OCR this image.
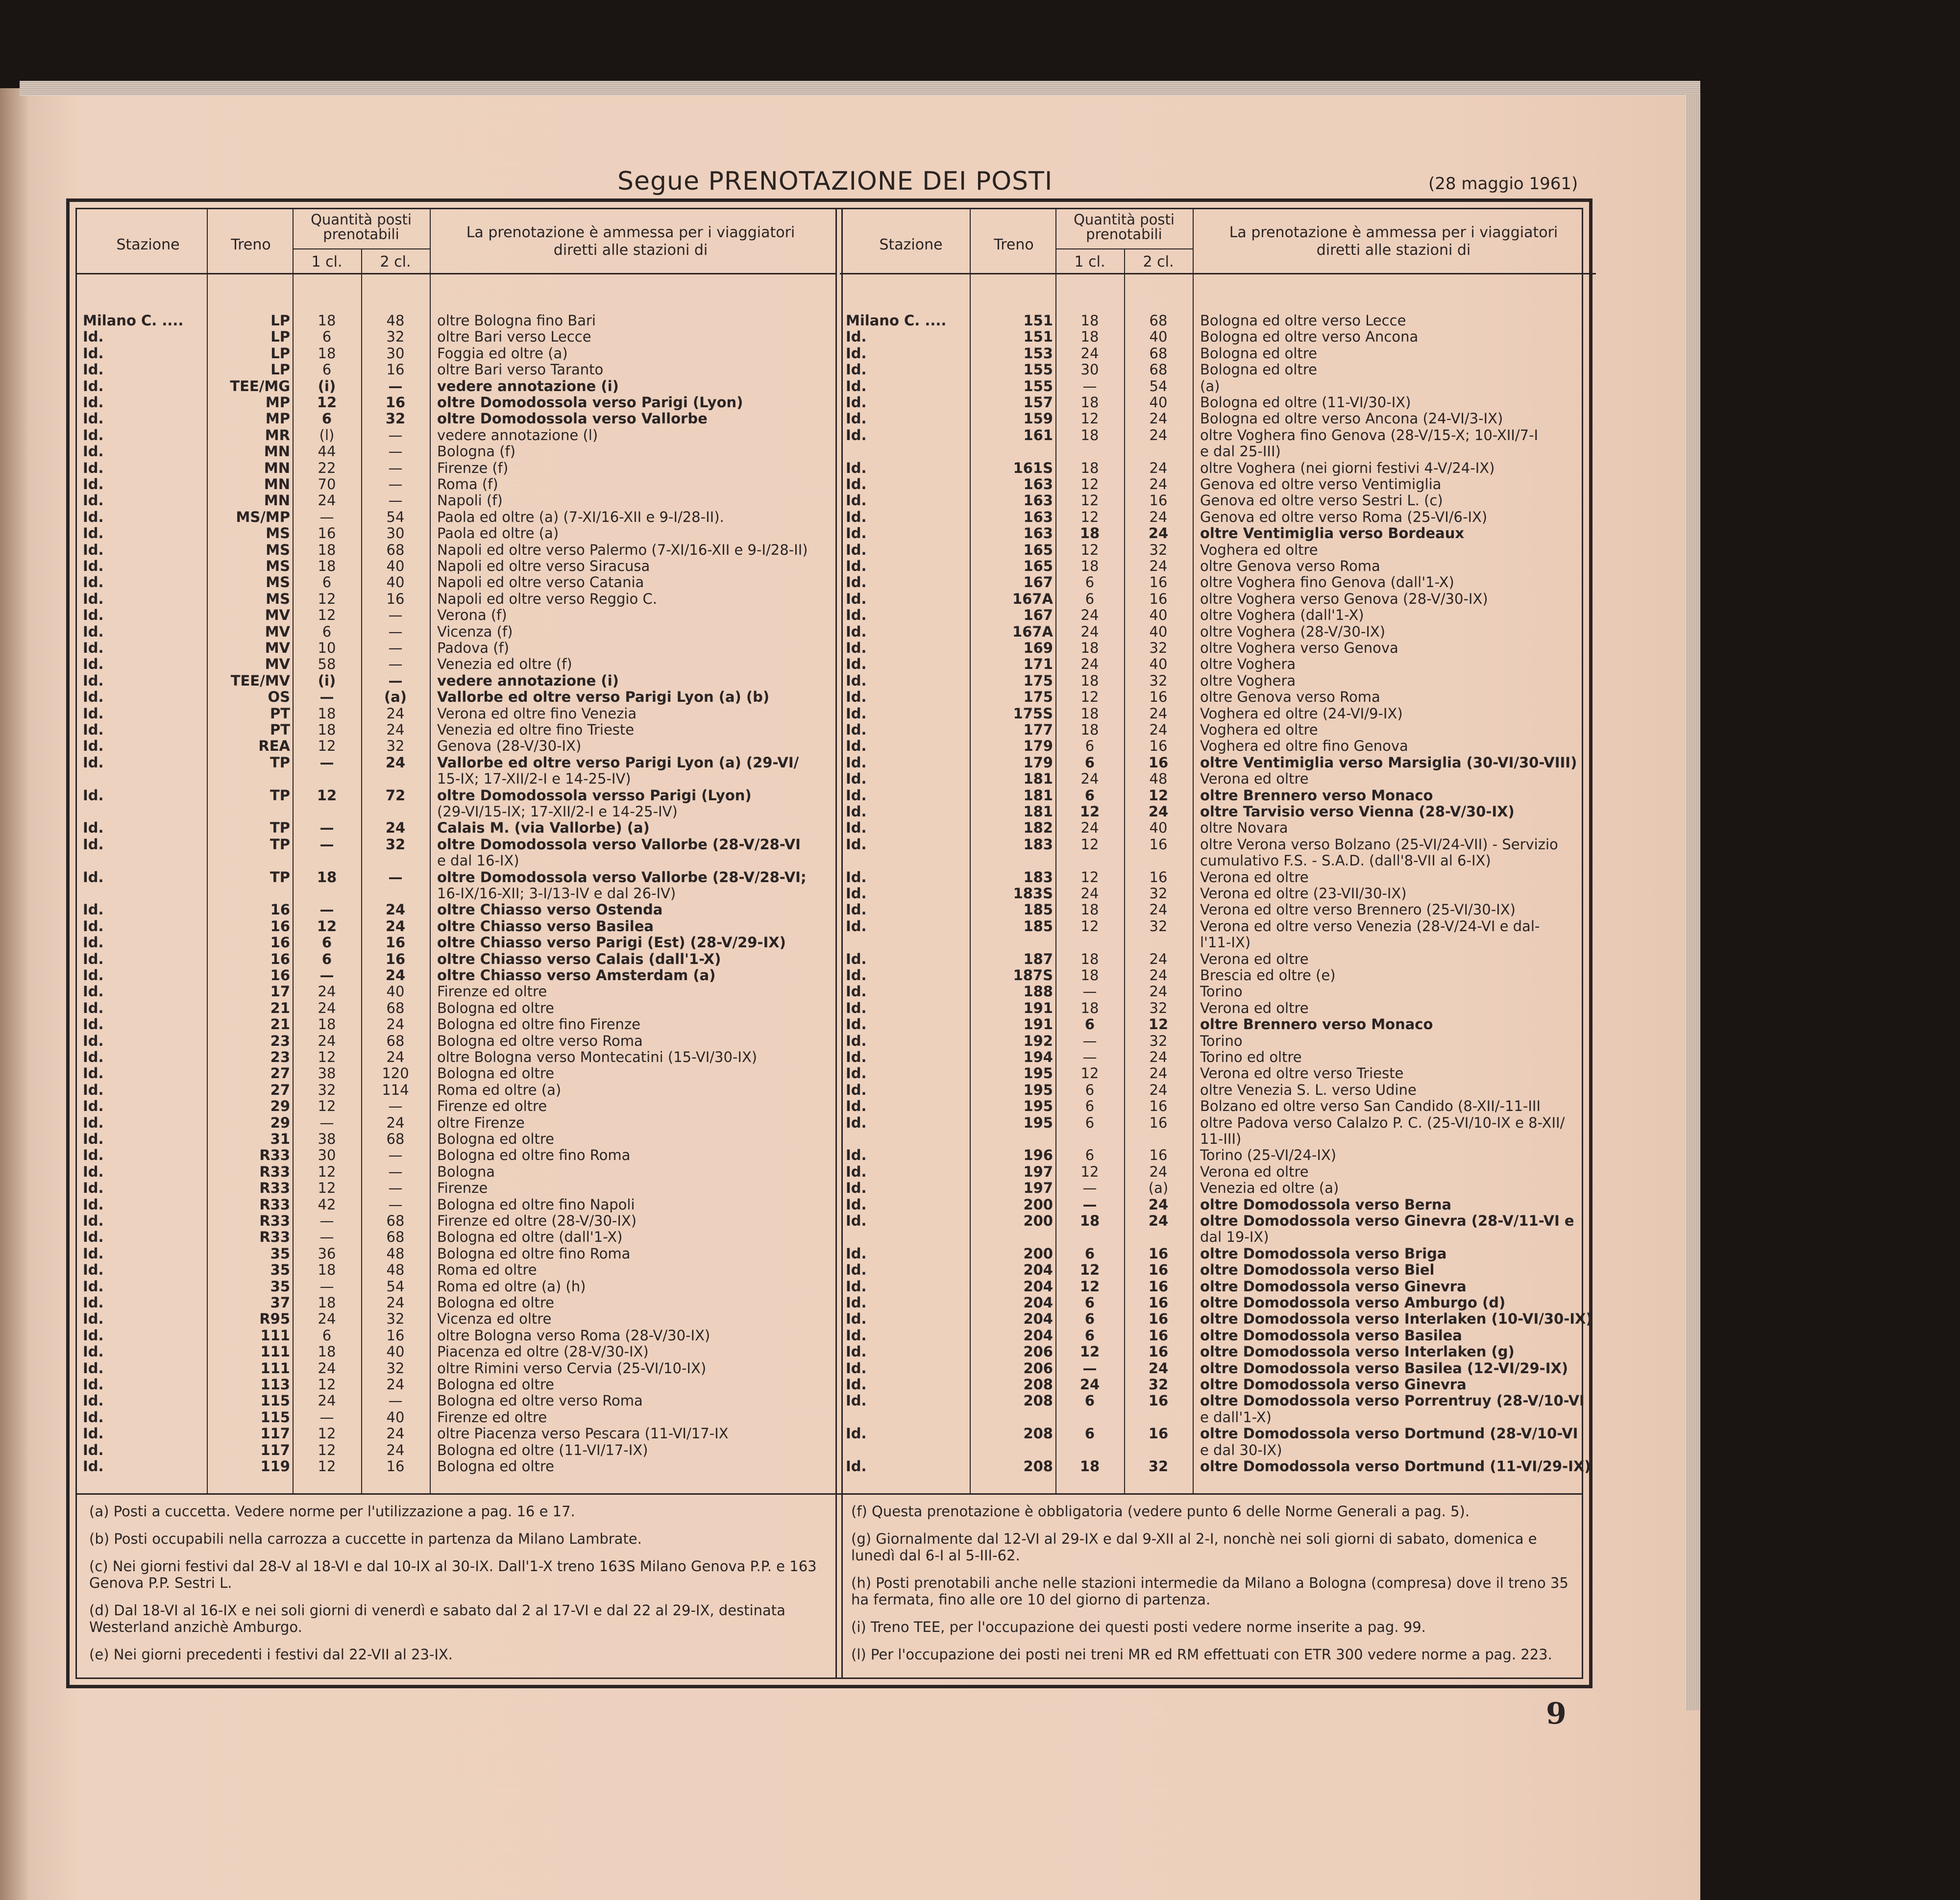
Segue PRENOTAZIONE DEI POSTI	(28 maggio 1961)
Stazione	Treno
Quantità posti prenotabili
1 cl.	2 cl.
La prenotazione è ammessa per i viaggiatori diretti alle stazioni di
Milano C. ....	LP	18	48	oltre Bologna fino Bari
Id.	LP	6	32	oltre Bari verso Lecce
Id.	LP	18	30	Foggia ed oltre (a)
Id.	LP	6	16	oltre Bari verso Taranto
Id.	TEE/MG	(i)	—	vedere annotazione (i)
Id.	MP	12	16	oltre Domodossola verso Parigi (Lyon)
Id.	MP	6	32	oltre Domodossola verso Vallorbe
Id.	MR	(l)	—	vedere annotazione (l)
Id.	MN	44	—	Bologna (f)
Id.	MN	22	—	Firenze (f)
Id.	MN	70	—	Roma (f)
Id.	MN	24	—	Napoli (f)
Id.	MS/MP	—	54	Paola ed oltre (a) (7-XI/16-XII e 9-I/28-II).
Id.	MS	16	30	Paola ed oltre (a)
Id.	MS	18	68	Napoli ed oltre verso Palermo (7-XI/16-XII e 9-I/28-II)
Id.	MS	18	40	Napoli ed oltre verso Siracusa
Id.	MS	6	40	Napoli ed oltre verso Catania
Id.	MS	12	16	Napoli ed oltre verso Reggio C.
Id.	MV	12	—	Verona (f)
Id.	MV	6	—	Vicenza (f)
Id.	MV	10	—	Padova (f)
Id.	MV	58	—	Venezia ed oltre (f)
Id.	TEE/MV	(i)	—	vedere annotazione (i)
Id.	OS	—	(a)	Vallorbe ed oltre verso Parigi Lyon (a) (b)
Id.	PT	18	24	Verona ed oltre fino Venezia
Id.	PT	18	24	Venezia ed oltre fino Trieste
Id.	REA	12	32	Genova (28-V/30-IX)
Id.	TP	—	24	Vallorbe ed oltre verso Parigi Lyon (a) (29-VI/
15-IX; 17-XII/2-I e 14-25-IV)
Id.	TP	12	72	oltre Domodossola versso Parigi (Lyon)
(29-VI/15-IX; 17-XII/2-I e 14-25-IV)
Id.	TP	—	24	Calais M. (via Vallorbe) (a)
Id.	TP	—	32	oltre Domodossola verso Vallorbe (28-V/28-VI
e dal 16-IX)
Id.	TP	18	—	oltre Domodossola verso Vallorbe (28-V/28-VI;
16-IX/16-XII; 3-I/13-IV e dal 26-IV)
Id.	16	—	24	oltre Chiasso verso Ostenda
Id.	16	12	24	oltre Chiasso verso Basilea
Id.	16	6	16	oltre Chiasso verso Parigi (Est) (28-V/29-IX)
Id.	16	6	16	oltre Chiasso verso Calais (dall'1-X)
Id.	16	—	24	oltre Chiasso verso Amsterdam (a)
Id.	17	24	40	Firenze ed oltre
Id.	21	24	68	Bologna ed oltre
Id.	21	18	24	Bologna ed oltre fino Firenze
Id.	23	24	68	Bologna ed oltre verso Roma
Id.	23	12	24	oltre Bologna verso Montecatini (15-VI/30-IX)
Id.	27	38	120	Bologna ed oltre
Id.	27	32	114	Roma ed oltre (a)
Id.	29	12	—	Firenze ed oltre
Id.	29	—	24	oltre Firenze
Id.	31	38	68	Bologna ed oltre
Id.	R33	30	—	Bologna ed oltre fino Roma
Id.	R33	12	—	Bologna
Id.	R33	12	—	Firenze
Id.	R33	42	—	Bologna ed oltre fino Napoli
Id.	R33	—	68	Firenze ed oltre (28-V/30-IX)
Id.	R33	—	68	Bologna ed oltre (dall'1-X)
Id.	35	36	48	Bologna ed oltre fino Roma
Id.	35	18	48	Roma ed oltre
Id.	35	—	54	Roma ed oltre (a) (h)
Id.	37	18	24	Bologna ed oltre
Id.	R95	24	32	Vicenza ed oltre
Id.	111	6	16	oltre Bologna verso Roma (28-V/30-IX)
Id.	111	18	40	Piacenza ed oltre (28-V/30-IX)
Id.	111	24	32	oltre Rimini verso Cervia (25-VI/10-IX)
Id.	113	12	24	Bologna ed oltre
Id.	115	24	—	Bologna ed oltre verso Roma
Id.	115	—	40	Firenze ed oltre
Id.	117	12	24	oltre Piacenza verso Pescara (11-VI/17-IX
Id.	117	12	24	Bologna ed oltre (11-VI/17-IX)
Id.	119	12	16	Bologna ed oltre
Stazione	Treno
Quantità posti prenotabili
1 cl.	2 cl.
La prenotazione è ammessa per i viaggiatori diretti alle stazioni di
Milano C. ....	151	18	68	Bologna ed oltre verso Lecce
Id.	151	18	40	Bologna ed oltre verso Ancona
Id.	153	24	68	Bologna ed oltre
Id.	155	30	68	Bologna ed oltre
Id.	155	—	54	(a)
Id.	157	18	40	Bologna ed oltre (11-VI/30-IX)
Id.	159	12	24	Bologna ed oltre verso Ancona (24-VI/3-IX)
Id.	161	18	24	oltre Voghera fino Genova (28-V/15-X; 10-XII/7-I
e dal 25-III)
Id.	161S	18	24	oltre Voghera (nei giorni festivi 4-V/24-IX)
Id.	163	12	24	Genova ed oltre verso Ventimiglia
Id.	163	12	16	Genova ed oltre verso Sestri L. (c)
Id.	163	12	24	Genova ed oltre verso Roma (25-VI/6-IX)
Id.	163	18	24	oltre Ventimiglia verso Bordeaux
Id.	165	12	32	Voghera ed oltre
Id.	165	18	24	oltre Genova verso Roma
Id.	167	6	16	oltre Voghera fino Genova (dall'1-X)
Id.	167A	6	16	oltre Voghera verso Genova (28-V/30-IX)
Id.	167	24	40	oltre Voghera (dall'1-X)
Id.	167A	24	40	oltre Voghera (28-V/30-IX)
Id.	169	18	32	oltre Voghera verso Genova
Id.	171	24	40	oltre Voghera
Id.	175	18	32	oltre Voghera
Id.	175	12	16	oltre Genova verso Roma
Id.	175S	18	24	Voghera ed oltre (24-VI/9-IX)
Id.	177	18	24	Voghera ed oltre
Id.	179	6	16	Voghera ed oltre fino Genova
Id.	179	6	16	oltre Ventimiglia verso Marsiglia (30-VI/30-VIII)
Id.	181	24	48	Verona ed oltre
Id.	181	6	12	oltre Brennero verso Monaco
Id.	181	12	24	oltre Tarvisio verso Vienna (28-V/30-IX)
Id.	182	24	40	oltre Novara
Id.	183	12	16	oltre Verona verso Bolzano (25-VI/24-VII) - Servizio
cumulativo F.S. - S.A.D. (dall'8-VII al 6-IX)
Id.	183	12	16	Verona ed oltre
Id.	183S	24	32	Verona ed oltre (23-VII/30-IX)
Id.	185	18	24	Verona ed oltre verso Brennero (25-VI/30-IX)
Id.	185	12	32	Verona ed oltre verso Venezia (28-V/24-VI e dal-
l'11-IX)
Id.	187	18	24	Verona ed oltre
Id.	187S	18	24	Brescia ed oltre (e)
Id.	188	—	24	Torino
Id.	191	18	32	Verona ed oltre
Id.	191	6	12	oltre Brennero verso Monaco
Id.	192	—	32	Torino
Id.	194	—	24	Torino ed oltre
Id.	195	12	24	Verona ed oltre verso Trieste
Id.	195	6	24	oltre Venezia S. L. verso Udine
Id.	195	6	16	Bolzano ed oltre verso San Candido (8-XII/-11-III
Id.	195	6	16	oltre Padova verso Calalzo P. C. (25-VI/10-IX e 8-XII/
11-III)
Id.	196	6	16	Torino (25-VI/24-IX)
Id.	197	12	24	Verona ed oltre
Id.	197	—	(a)	Venezia ed oltre (a)
Id.	200	—	24	oltre Domodossola verso Berna
Id.	200	18	24	oltre Domodossola verso Ginevra (28-V/11-VI e
dal 19-IX)
Id.	200	6	16	oltre Domodossola verso Briga
Id.	204	12	16	oltre Domodossola verso Biel
Id.	204	12	16	oltre Domodossola verso Ginevra
Id.	204	6	16	oltre Domodossola verso Amburgo (d)
Id.	204	6	16	oltre Domodossola verso Interlaken (10-VI/30-IX)
Id.	204	6	16	oltre Domodossola verso Basilea
Id.	206	12	16	oltre Domodossola verso Interlaken (g)
Id.	206	—	24	oltre Domodossola verso Basilea (12-VI/29-IX)
Id.	208	24	32	oltre Domodossola verso Ginevra
Id.	208	6	16	oltre Domodossola verso Porrentruy (28-V/10-VI
e dall'1-X)
Id.	208	6	16	oltre Domodossola verso Dortmund (28-V/10-VI
e dal 30-IX)
Id.	208	18	32	oltre Domodossola verso Dortmund (11-VI/29-IX)
(a) Posti a cuccetta. Vedere norme per l'utilizzazione a pag. 16 e 17.
(b) Posti occupabili nella carrozza a cuccette in partenza da Milano Lambrate.
(c) Nei giorni festivi dal 28-V al 18-VI e dal 10-IX al 30-IX. Dall'1-X treno 163S Milano Genova P.P. e 163 Genova P.P. Sestri L.
(d) Dal 18-VI al 16-IX e nei soli giorni di venerdì e sabato dal 2 al 17-VI e dal 22 al 29-IX, destinata Westerland anzichè Amburgo.
(e) Nei giorni precedenti i festivi dal 22-VII al 23-IX.
(f) Questa prenotazione è obbligatoria (vedere punto 6 delle Norme Generali a pag. 5).
(g) Giornalmente dal 12-VI al 29-IX e dal 9-XII al 2-I, nonchè nei soli giorni di sabato, domenica e lunedì dal 6-I al 5-III-62.
(h) Posti prenotabili anche nelle stazioni intermedie da Milano a Bologna (compresa) dove il treno 35 ha fermata, fino alle ore 10 del giorno di partenza.
(i) Treno TEE, per l'occupazione dei questi posti vedere norme inserite a pag. 99.
(l) Per l'occupazione dei posti nei treni MR ed RM effettuati con ETR 300 vedere norme a pag. 223.
9
